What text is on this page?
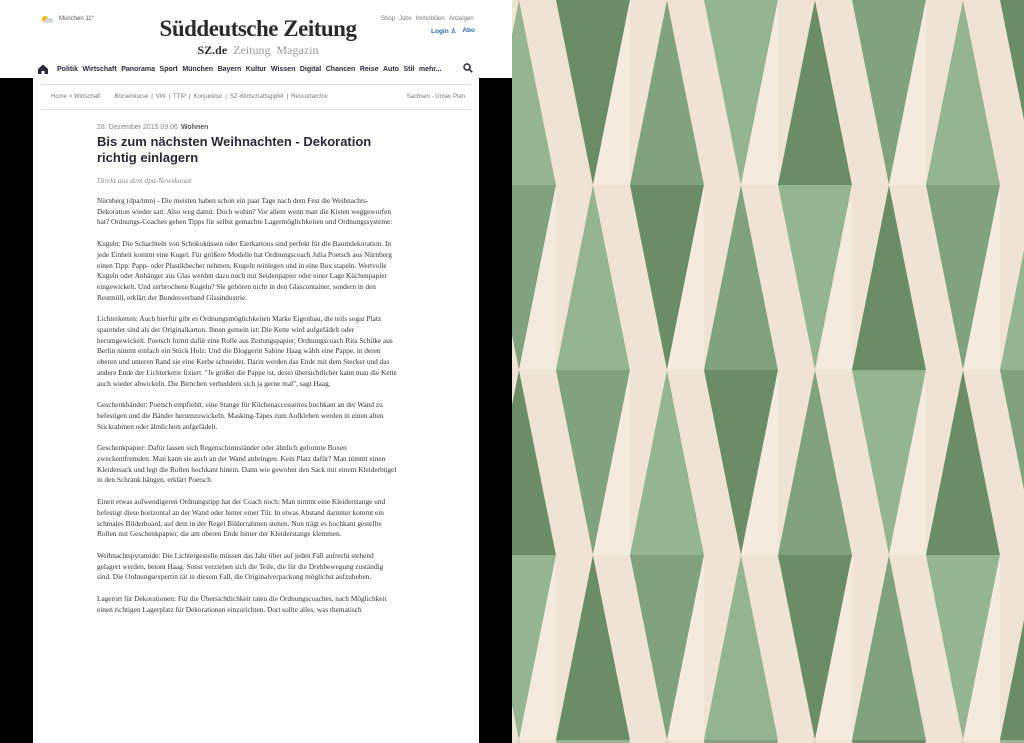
München 11°	Süddeutsche Zeitung
SZ.de Zeitung Magazin
Shop Jobs Immobilien Anzeigen
Login ♙ Abo
Politik Wirtschaft Panorama Sport München Bayern Kultur Wissen Digital Chancen Reise Auto Stil mehr...
Home > Wirtschaft Börsenkurse | VW | TTIP | Konjunktur | SZ-Wirtschaftsgipfel | Ressortarchiv	Sachsen - Unser Plan
28. Dezember 2015 09:06 Wohnen
Bis zum nächsten Weihnachten - Dekoration richtig einlagern
Direkt aus dem dpa-Newskanal

Nürnberg (dpa/tmn) - Die meisten haben schon ein paar Tage nach dem Fest die Weihnachts-Dekoration wieder satt. Also weg damit. Doch wohin? Vor allem wenn man die Kisten weggeworfen hat? Ordnungs-Coaches geben Tipps für selbst gemachte Lagermöglichkeiten und Ordnungssysteme:

Kugeln: Die Schachteln von Schokoküssen oder Eierkartons sind perfekt für die Baumdekoration. In jede Einheit kommt eine Kugel. Für größere Modelle hat Ordnungscoach Julia Poetsch aus Nürnberg einen Tipp: Papp- oder Plastikbecher nehmen, Kugeln reinlegen und in eine Box stapeln. Wertvolle Kugeln oder Anhänger aus Glas werden dazu noch mit Seidenpapier oder einer Lage Küchenpapier eingewickelt. Und zerbrochene Kugeln? Sie gehören nicht in den Glascontainer, sondern in den Restmüll, erklärt der Bundesverband Glasindustrie.

Lichterketten: Auch hierfür gibt es Ordnungsmöglichkeiten Marke Eigenbau, die teils sogar Platz sparender sind als der Originalkarton. Ihnen gemein ist: Die Kette wird aufgefädelt oder herumgewickelt. Poetsch formt dafür eine Rolle aus Zeitungspapier, Ordnungscoach Rita Schilke aus Berlin nimmt einfach ein Stück Holz. Und die Bloggerin Sabine Haag wählt eine Pappe, in deren oberen und unteren Rand sie eine Kerbe schneidet. Darin werden das Ende mit dem Stecker und das andere Ende der Lichterkette fixiert. "Je größer die Pappe ist, desto übersichtlicher kann man die Kette auch wieder abwickeln. Die Birnchen verheddern sich ja gerne mal", sagt Haag.

Geschenkbänder: Poetsch empfiehlt, eine Stange für Küchenaccessoires hochkant an der Wand zu befestigen und die Bänder herumzuwickeln. Masking-Tapes zum Aufkleben werden in einen alten Stickrahmen oder ähnlichem aufgefädelt.

Geschenkpapier: Dafür lassen sich Regenschirmständer oder ähnlich geformte Boxen zweckentfremden. Man kann sie auch an der Wand anbringen. Kein Platz dafür? Man nimmt einen Kleidersack und legt die Rollen hochkant hinein. Dann wie gewohnt den Sack mit einem Kleiderbügel in den Schrank hängen, erklärt Poetsch.

Einen etwas aufwendigeren Ordnungstipp hat der Coach noch: Man nimmt eine Kleiderstange und befestigt diese horizontal an der Wand oder hinter einer Tür. In etwas Abstand darunter kommt ein schmales Bilderboard, auf dem in der Regel Bilderrahmen stehen. Nun trägt es hochkant gestellte Rollen mit Geschenkpapier, die am oberen Ende hinter der Kleiderstange klemmen.

Weihnachtspyramide: Die Lichtergestelle müssen das Jahr über auf jeden Fall aufrecht stehend gelagert werden, betont Haag. Sonst verziehen sich die Teile, die für die Drehbewegung zuständig sind. Die Ordnungsexpertin rät in diesem Fall, die Originalverpackung möglichst aufzuheben.

Lagerort für Dekorationen: Für die Übersichtlichkeit raten die Ordnungscoaches, nach Möglichkeit einen richtigen Lagerplatz für Dekorationen einzurichten. Dort sollte alles, was thematisch
